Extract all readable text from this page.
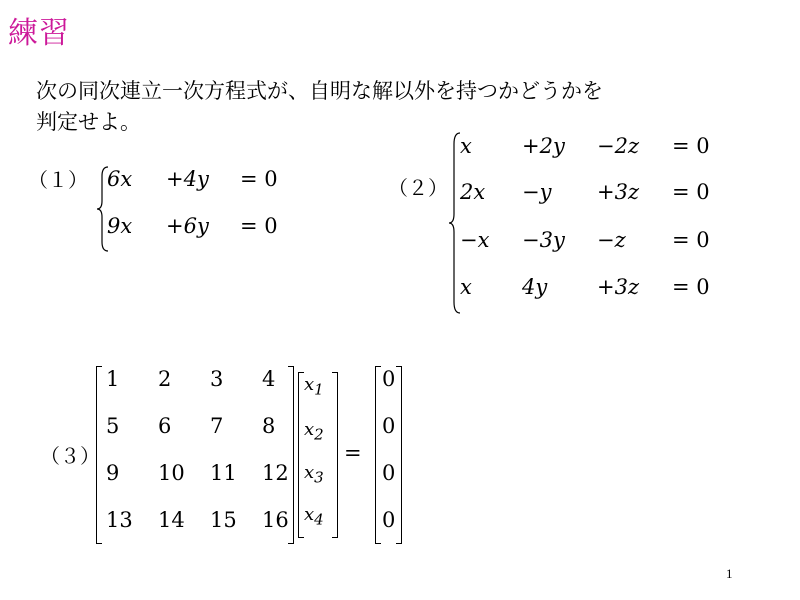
練習
次の同次連立一次方程式が、自明な解以外を持つかどうかを
判定せよ。
（１） 6x +4y = 0
9x +6y = 0
（２）
x +2y −2z = 0
2x −y +3z = 0
−x −3y −z = 0
x 4y +3z = 0
（３）
1 2 3 4
5 6 7 8
9 10 11 12
13 14 15 16
$x_1$
$x_2$
$x_3$
$x_4$
=
0
0
0
0
1
